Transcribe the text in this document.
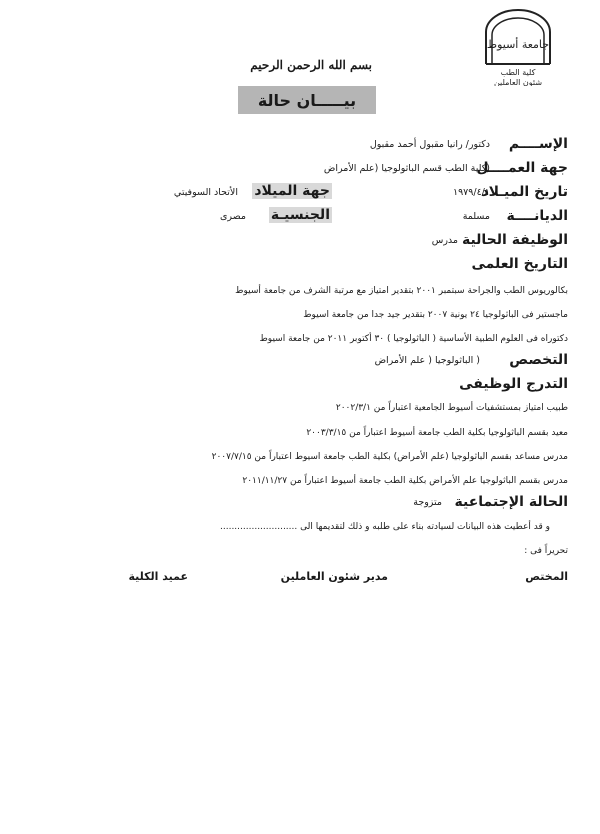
جامعة أسيوط
كلية الطب
شئون العاملين
بسم الله الرحمن الرحيم
بيـــــان حالة
الإســــم
دكتور/ رانيا مقبول أحمد مقبول
جهة العمــــل
(كلية الطب قسم الباثولوجيا (علم الأمراض
تاريخ الميـلاد
١٩٧٩/٤/١
جهة الميلاد
الأتحاد السوفيتي
الديانــــة
مسلمة
الجنسيـة
مصرى
الوظيفة الحالية
مدرس
التاريخ العلمى
بكالوريوس الطب والجراحة سبتمبر ٢٠٠١ بتقدير امتياز مع مرتبة الشرف من جامعة أسيوط
ماجستير فى الباثولوجيا ٢٤ يونية ٢٠٠٧ بتقدير جيد جدا من جامعة اسيوط
دكتوراه فى العلوم الطبية الأساسية ( الباثولوجيا ) ٣٠ أكتوبر ٢٠١١ من جامعة اسيوط
التخصص
( الباثولوجيا ( علم الأمراض
التدرج الوظيفى
طبيب امتياز بمستشفيات أسيوط الجامعية اعتباراً من ٢٠٠٢/٣/١
معيد بقسم الباثولوجيا بكلية الطب جامعة أسيوط اعتباراً من ٢٠٠٣/٣/١٥
مدرس مساعد بقسم الباثولوجيا (علم الأمراض) بكلية الطب جامعة اسيوط اعتباراً من ٢٠٠٧/٧/١٥
مدرس بقسم الباثولوجيا علم الأمراض بكلية الطب جامعة أسيوط اعتباراً من ٢٠١١/١١/٢٧
الحالة الإجتماعية
متزوجة
و قد أعطيت هذه البيانات لسيادته بناء على طلبه و ذلك لتقديمها الى ...........................
تحريراً فى :
المختص
مدير شئون العاملين
عميد الكلية
